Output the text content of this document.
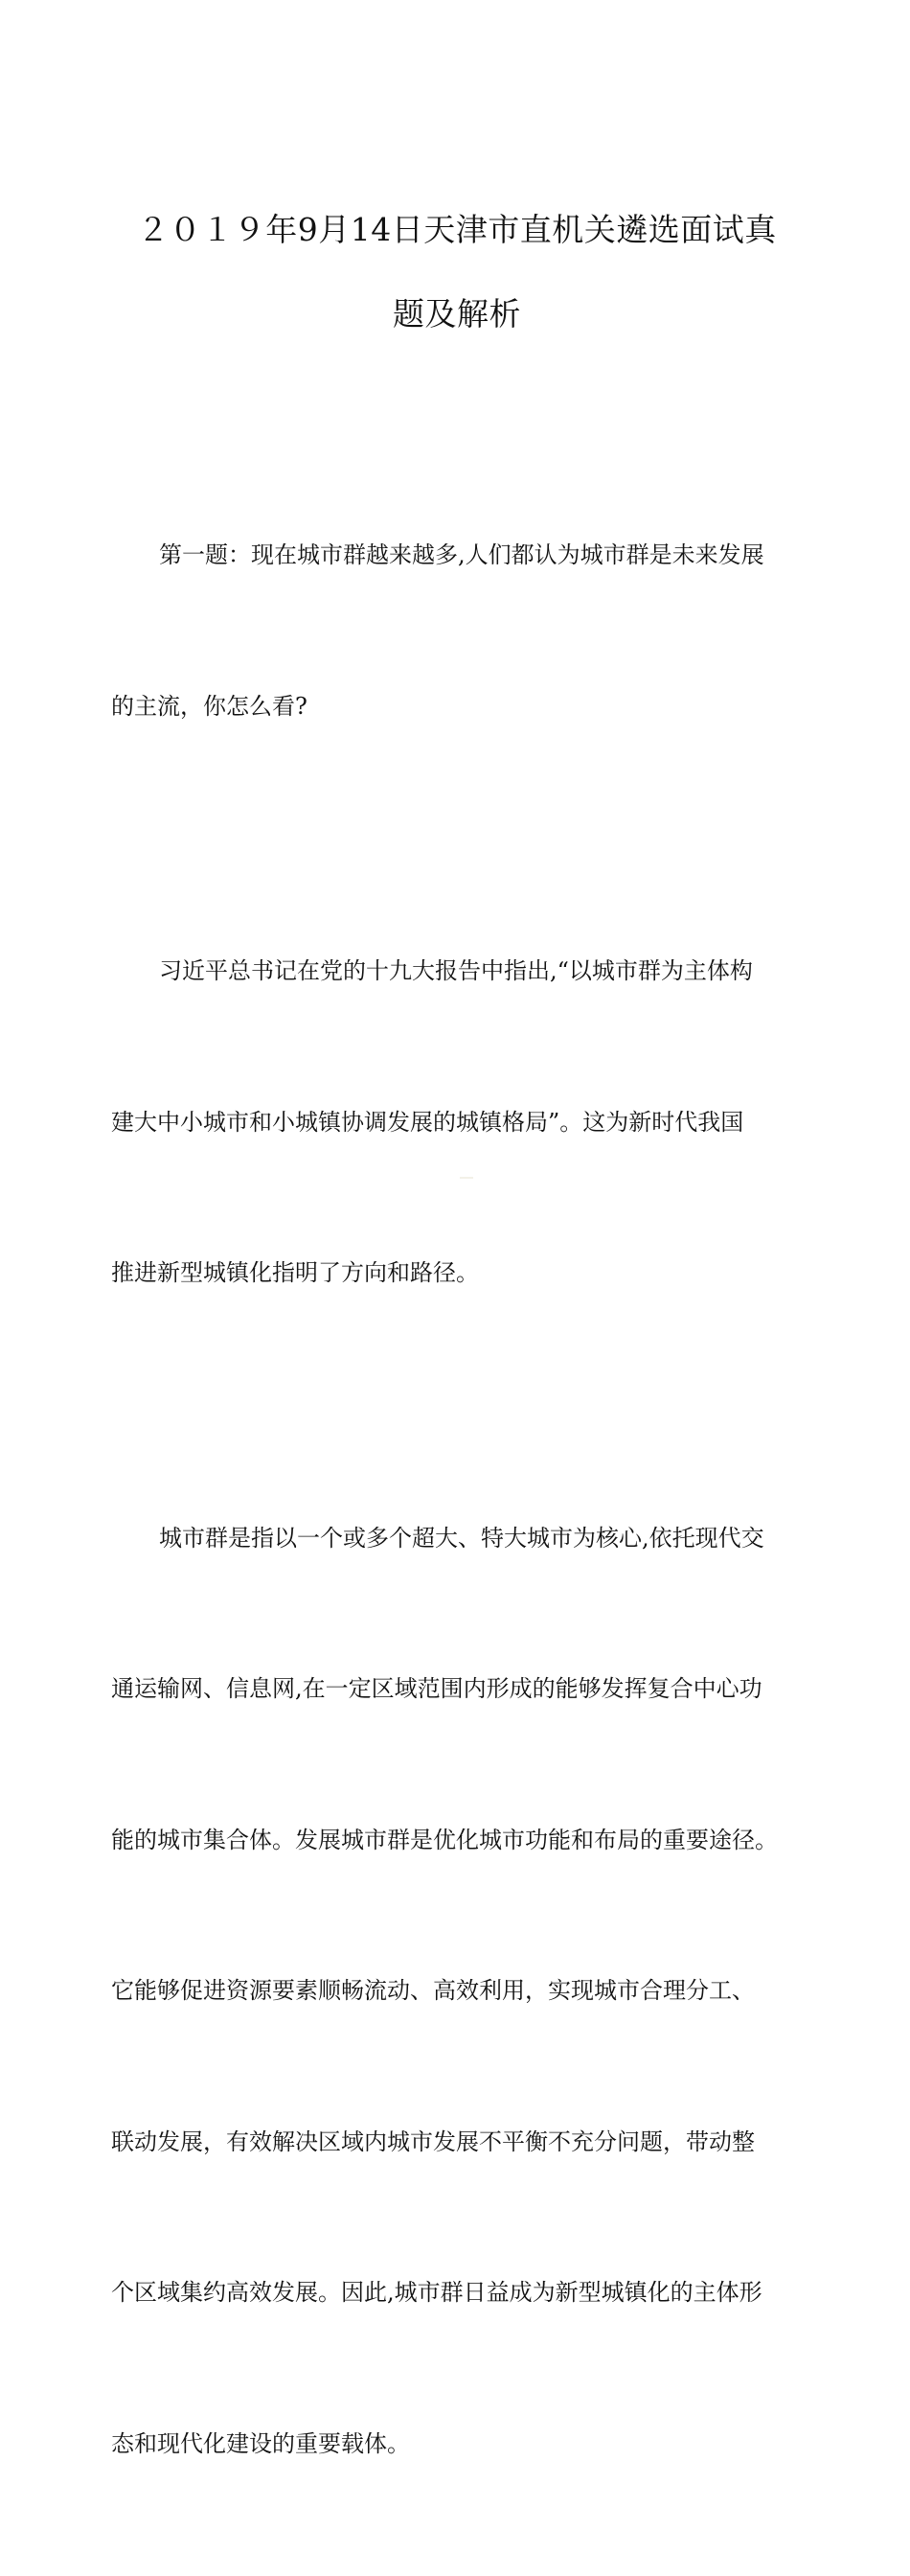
２０１９年9月14日天津市直机关遴选面试真
题及解析

第一题：现在城市群越来越多,人们都认为城市群是未来发展

的主流，你怎么看?

习近平总书记在党的十九大报告中指出,“以城市群为主体构

建大中小城市和小城镇协调发展的城镇格局”。这为新时代我国

推进新型城镇化指明了方向和路径。

城市群是指以一个或多个超大、特大城市为核心,依托现代交

通运输网、信息网,在一定区域范围内形成的能够发挥复合中心功

能的城市集合体。发展城市群是优化城市功能和布局的重要途径。

它能够促进资源要素顺畅流动、高效利用，实现城市合理分工、

联动发展，有效解决区域内城市发展不平衡不充分问题，带动整

个区域集约高效发展。因此,城市群日益成为新型城镇化的主体形

态和现代化建设的重要载体。
